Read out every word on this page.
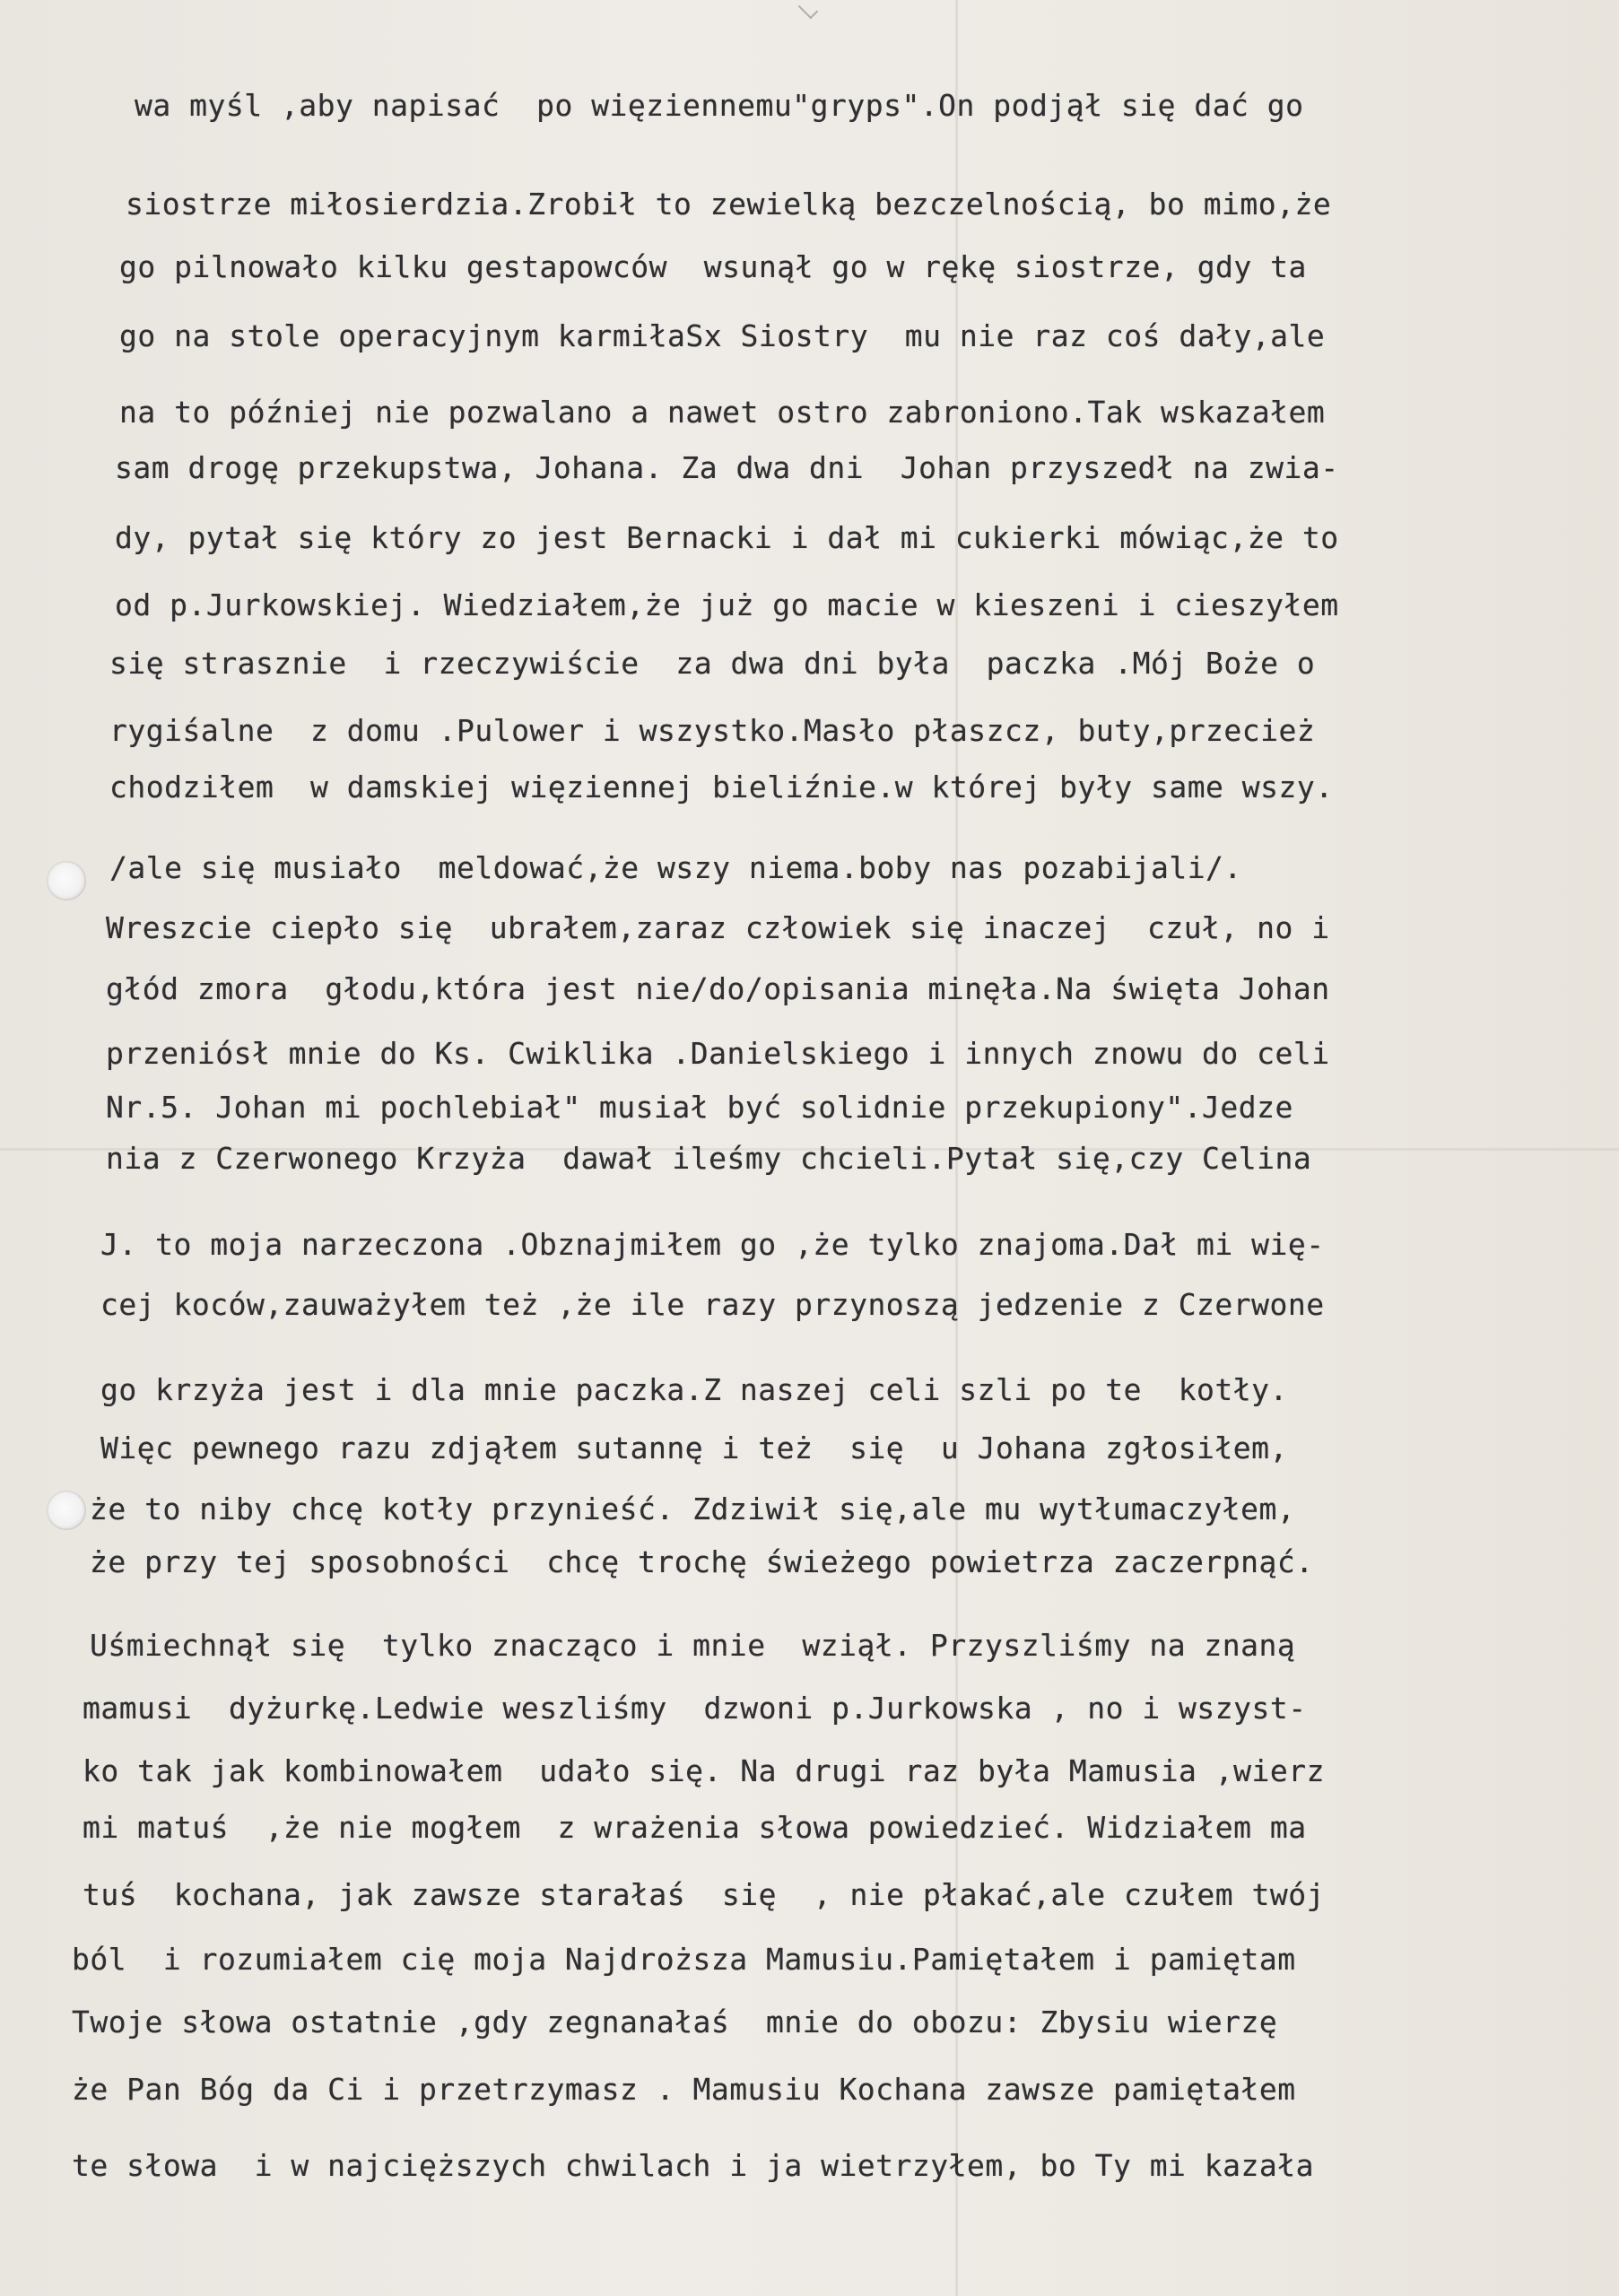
wa myśl ,aby napisać  po więziennemu"gryps".On podjął się dać go
siostrze miłosierdzia.Zrobił to zewielką bezczelnością, bo mimo,że
go pilnowało kilku gestapowców  wsunął go w rękę siostrze, gdy ta
go na stole operacyjnym karmiłaSx Siostry  mu nie raz coś dały,ale
na to później nie pozwalano a nawet ostro zabroniono.Tak wskazałem
sam drogę przekupstwa, Johana. Za dwa dni  Johan przyszedł na zwia-
dy, pytał się który zo jest Bernacki i dał mi cukierki mówiąc,że to
od p.Jurkowskiej. Wiedziałem,że już go macie w kieszeni i cieszyłem
się strasznie  i rzeczywiście  za dwa dni była  paczka .Mój Boże o
rygiśalne  z domu .Pulower i wszystko.Masło płaszcz, buty,przecież
chodziłem  w damskiej więziennej bieliźnie.w której były same wszy.
/ale się musiało  meldować,że wszy niema.boby nas pozabijali/.
Wreszcie ciepło się  ubrałem,zaraz człowiek się inaczej  czuł, no i
głód zmora  głodu,która jest nie/do/opisania minęła.Na święta Johan
przeniósł mnie do Ks. Cwiklika .Danielskiego i innych znowu do celi
Nr.5. Johan mi pochlebiał" musiał być solidnie przekupiony".Jedze
nia z Czerwonego Krzyża  dawał ileśmy chcieli.Pytał się,czy Celina
J. to moja narzeczona .Obznajmiłem go ,że tylko znajoma.Dał mi wię-
cej koców,zauważyłem też ,że ile razy przynoszą jedzenie z Czerwone
go krzyża jest i dla mnie paczka.Z naszej celi szli po te  kotły.
Więc pewnego razu zdjąłem sutannę i też  się  u Johana zgłosiłem,
że to niby chcę kotły przynieść. Zdziwił się,ale mu wytłumaczyłem,
że przy tej sposobności  chcę trochę świeżego powietrza zaczerpnąć.
Uśmiechnął się  tylko znacząco i mnie  wziął. Przyszliśmy na znaną
mamusi  dyżurkę.Ledwie weszliśmy  dzwoni p.Jurkowska , no i wszyst-
ko tak jak kombinowałem  udało się. Na drugi raz była Mamusia ,wierz
mi matuś  ,że nie mogłem  z wrażenia słowa powiedzieć. Widziałem ma
tuś  kochana, jak zawsze starałaś  się  , nie płakać,ale czułem twój
ból  i rozumiałem cię moja Najdroższa Mamusiu.Pamiętałem i pamiętam
Twoje słowa ostatnie ,gdy zegnanałaś  mnie do obozu: Zbysiu wierzę
że Pan Bóg da Ci i przetrzymasz . Mamusiu Kochana zawsze pamiętałem
te słowa  i w najcięższych chwilach i ja wietrzyłem, bo Ty mi kazała
